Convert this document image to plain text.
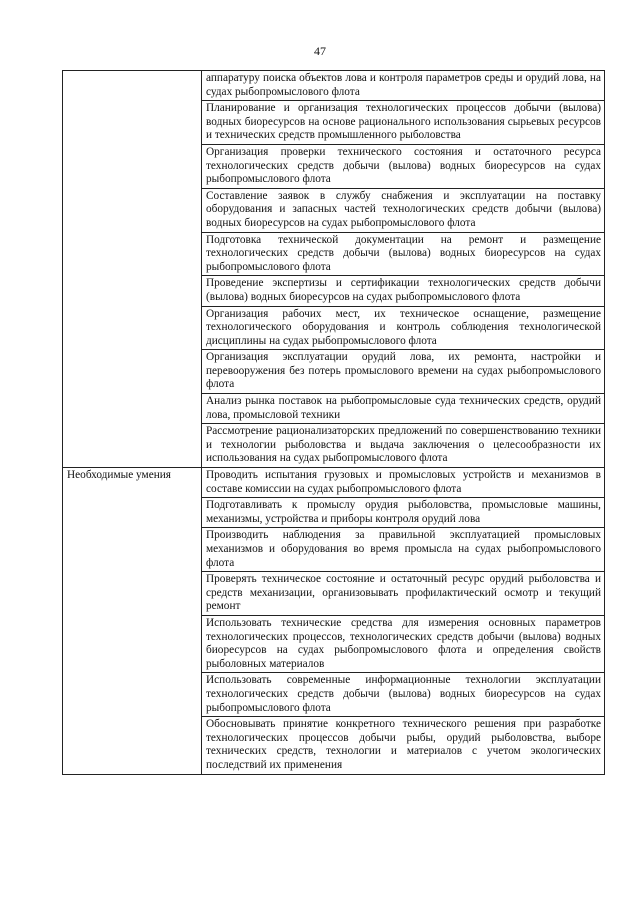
47
	аппаратуру поиска объектов лова и контроля параметров среды и орудий лова, на судах рыбопромыслового флота
	Планирование и организация технологических процессов добычи (вылова) водных биоресурсов на основе рационального использования сырьевых ресурсов и технических средств промышленного рыболовства
	Организация проверки технического состояния и остаточного ресурса технологических средств добычи (вылова) водных биоресурсов на судах рыбопромыслового флота
	Составление заявок в службу снабжения и эксплуатации на поставку оборудования и запасных частей технологических средств добычи (вылова) водных биоресурсов на судах рыбопромыслового флота
	Подготовка технической документации на ремонт и размещение технологических средств добычи (вылова) водных биоресурсов на судах рыбопромыслового флота
	Проведение экспертизы и сертификации технологических средств добычи (вылова) водных биоресурсов на судах рыбопромыслового флота
	Организация рабочих мест, их техническое оснащение, размещение технологического оборудования и контроль соблюдения технологической дисциплины на судах рыбопромыслового флота
	Организация эксплуатации орудий лова, их ремонта, настройки и перевооружения без потерь промыслового времени на судах рыбопромыслового флота
	Анализ рынка поставок на рыбопромысловые суда технических средств, орудий лова, промысловой техники
	Рассмотрение рационализаторских предложений по совершенствованию техники и технологии рыболовства и выдача заключения о целесообразности их использования на судах рыбопромыслового флота

Необходимые умения	Проводить испытания грузовых и промысловых устройств и механизмов в составе комиссии на судах рыбопромыслового флота
	Подготавливать к промыслу орудия рыболовства, промысловые машины, механизмы, устройства и приборы контроля орудий лова
	Производить наблюдения за правильной эксплуатацией промысловых механизмов и оборудования во время промысла на судах рыбопромыслового флота
	Проверять техническое состояние и остаточный ресурс орудий рыболовства и средств механизации, организовывать профилактический осмотр и текущий ремонт
	Использовать технические средства для измерения основных параметров технологических процессов, технологических средств добычи (вылова) водных биоресурсов на судах рыбопромыслового флота и определения свойств рыболовных материалов
	Использовать современные информационные технологии эксплуатации технологических средств добычи (вылова) водных биоресурсов на судах рыбопромыслового флота
	Обосновывать принятие конкретного технического решения при разработке технологических процессов добычи рыбы, орудий рыболовства, выборе технических средств, технологии и материалов с учетом экологических последствий их применения
